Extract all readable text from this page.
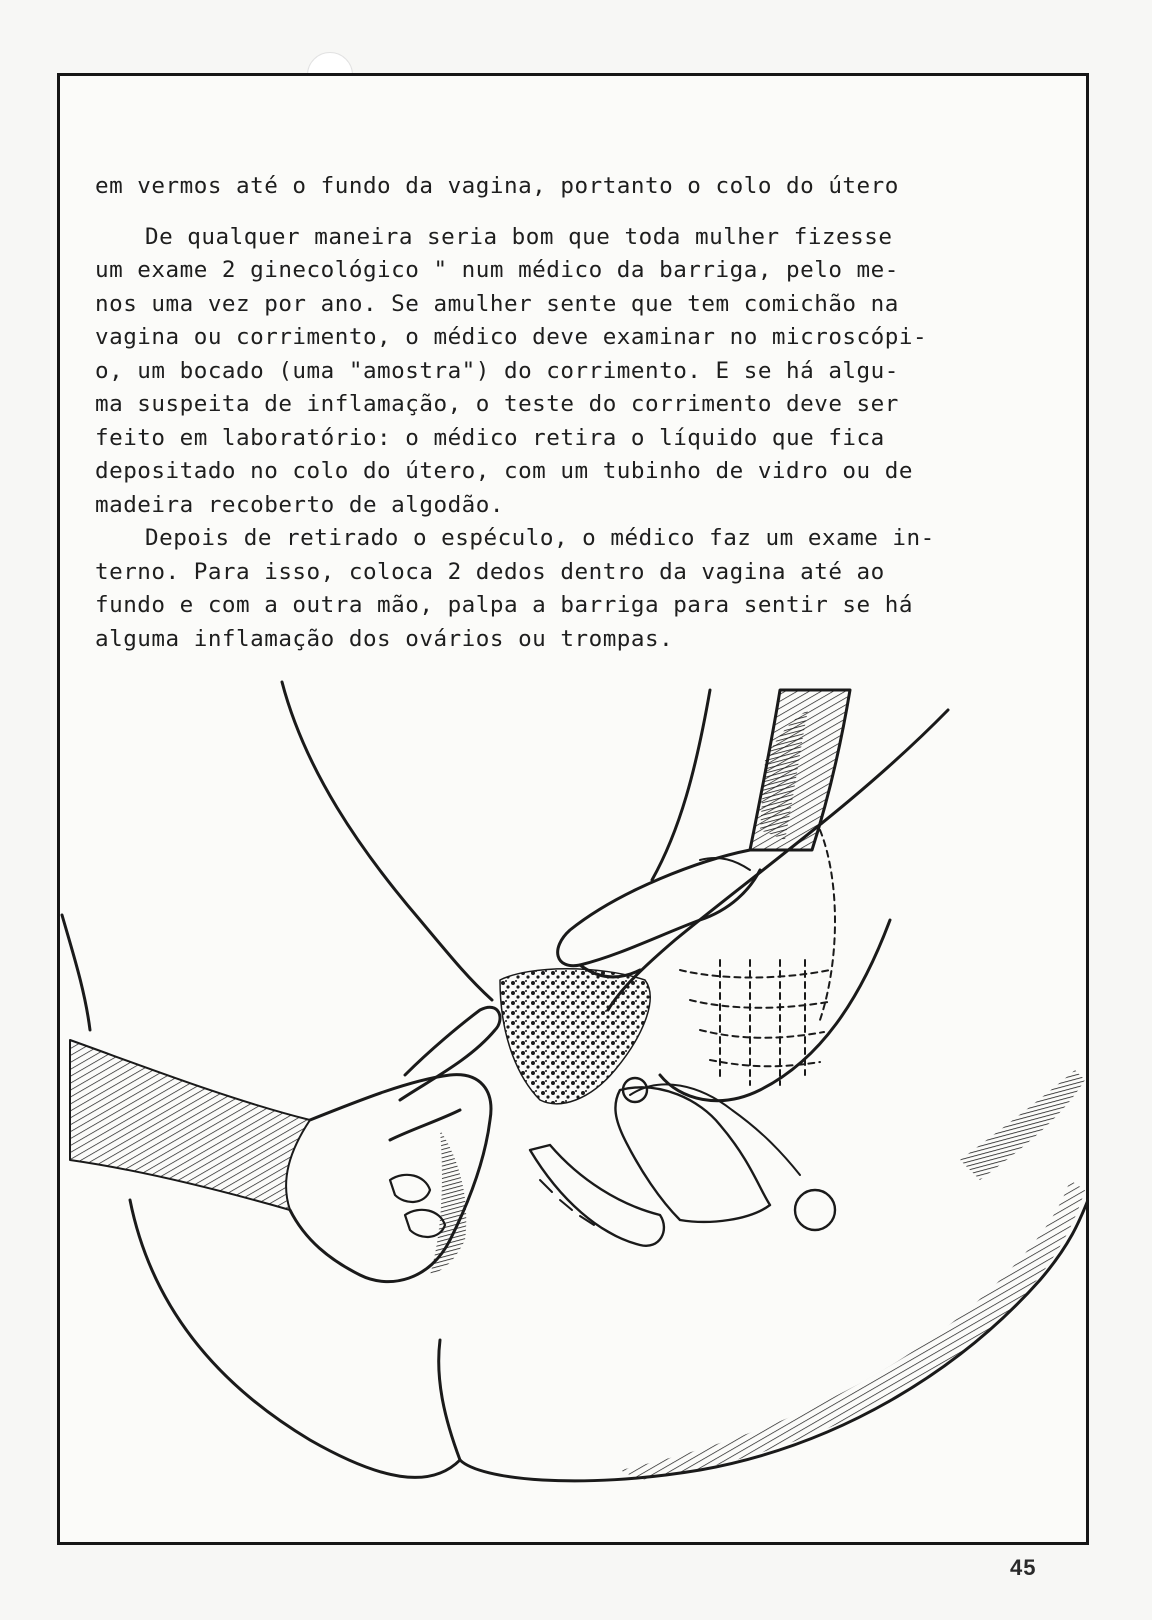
em vermos até o fundo da vagina, portanto o colo do útero
De qualquer maneira seria bom que toda mulher fizesse
um exame 2 ginecológico " num médico da barriga, pelo me-
nos uma vez por ano. Se amulher sente que tem comichão na
vagina ou corrimento, o médico deve examinar no microscópi-
o, um bocado (uma "amostra") do corrimento. E se há algu-
ma suspeita de inflamação, o teste do corrimento deve ser
feito em laboratório: o médico retira o líquido que fica
depositado no colo do útero, com um tubinho de vidro ou de
madeira recoberto de algodão.
Depois de retirado o espéculo, o médico faz um exame in-
terno. Para isso, coloca 2 dedos dentro da vagina até ao
fundo e com a outra mão, palpa a barriga para sentir se há
alguma inflamação dos ovários ou trompas.
45
